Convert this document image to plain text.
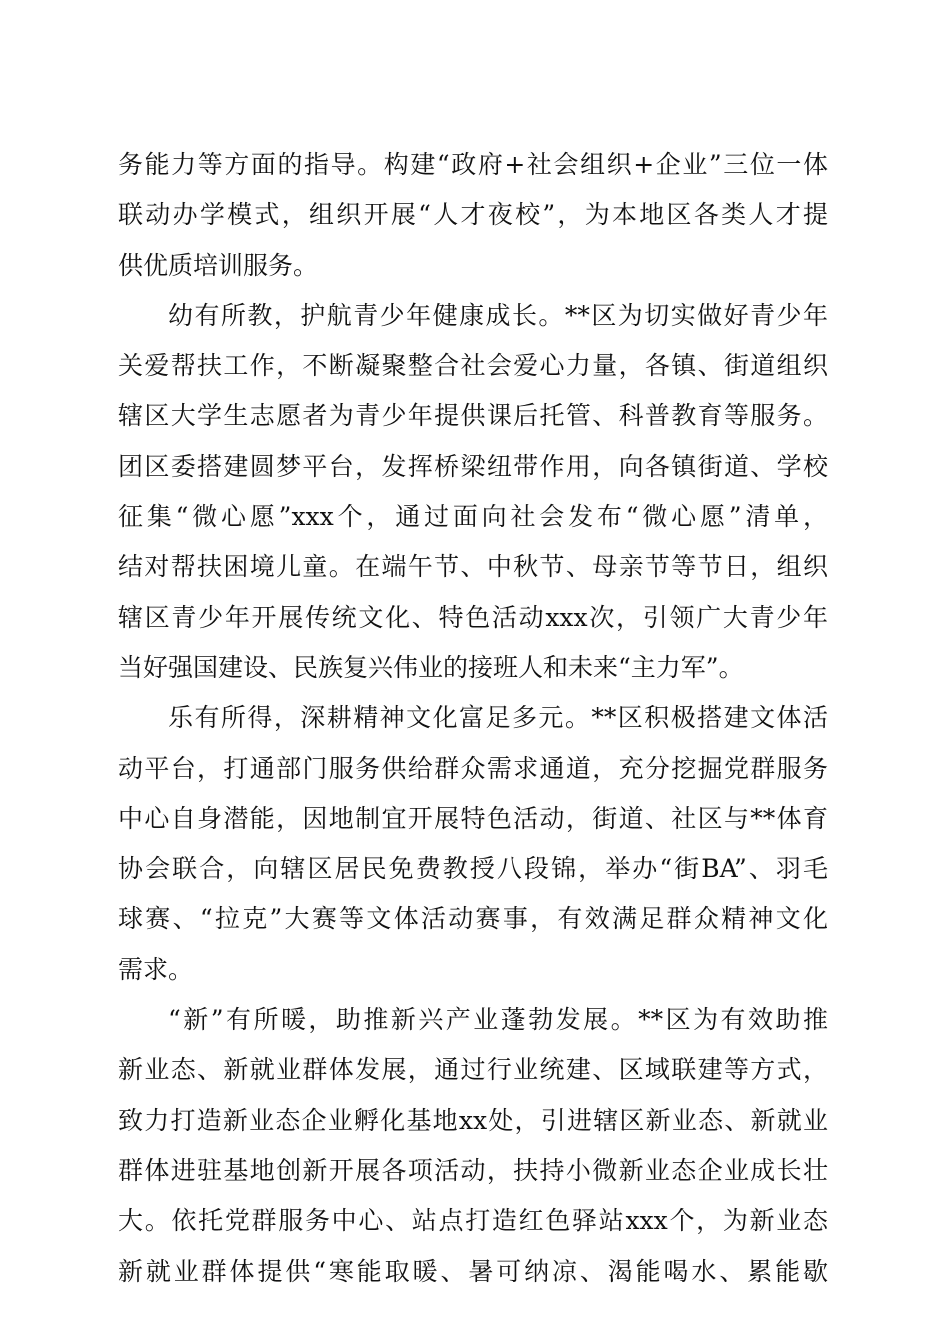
务能力等方面的指导。构建“政府+社会组织+企业”三位一体
联动办学模式，组织开展“人才夜校”，为本地区各类人才提
供优质培训服务。
幼有所教，护航青少年健康成长。**区为切实做好青少年
关爱帮扶工作，不断凝聚整合社会爱心力量，各镇、街道组织
辖区大学生志愿者为青少年提供课后托管、科普教育等服务。
团区委搭建圆梦平台，发挥桥梁纽带作用，向各镇街道、学校
征集“微心愿”xxx个，通过面向社会发布“微心愿”清单，
结对帮扶困境儿童。在端午节、中秋节、母亲节等节日，组织
辖区青少年开展传统文化、特色活动xxx次，引领广大青少年
当好强国建设、民族复兴伟业的接班人和未来“主力军”。
乐有所得，深耕精神文化富足多元。**区积极搭建文体活
动平台，打通部门服务供给群众需求通道，充分挖掘党群服务
中心自身潜能，因地制宜开展特色活动，街道、社区与**体育
协会联合，向辖区居民免费教授八段锦，举办“街BA”、羽毛
球赛、“拉克”大赛等文体活动赛事，有效满足群众精神文化
需求。
“新”有所暖，助推新兴产业蓬勃发展。**区为有效助推
新业态、新就业群体发展，通过行业统建、区域联建等方式，
致力打造新业态企业孵化基地xx处，引进辖区新业态、新就业
群体进驻基地创新开展各项活动，扶持小微新业态企业成长壮
大。依托党群服务中心、站点打造红色驿站xxx个，为新业态
新就业群体提供“寒能取暖、暑可纳凉、渴能喝水、累能歇
